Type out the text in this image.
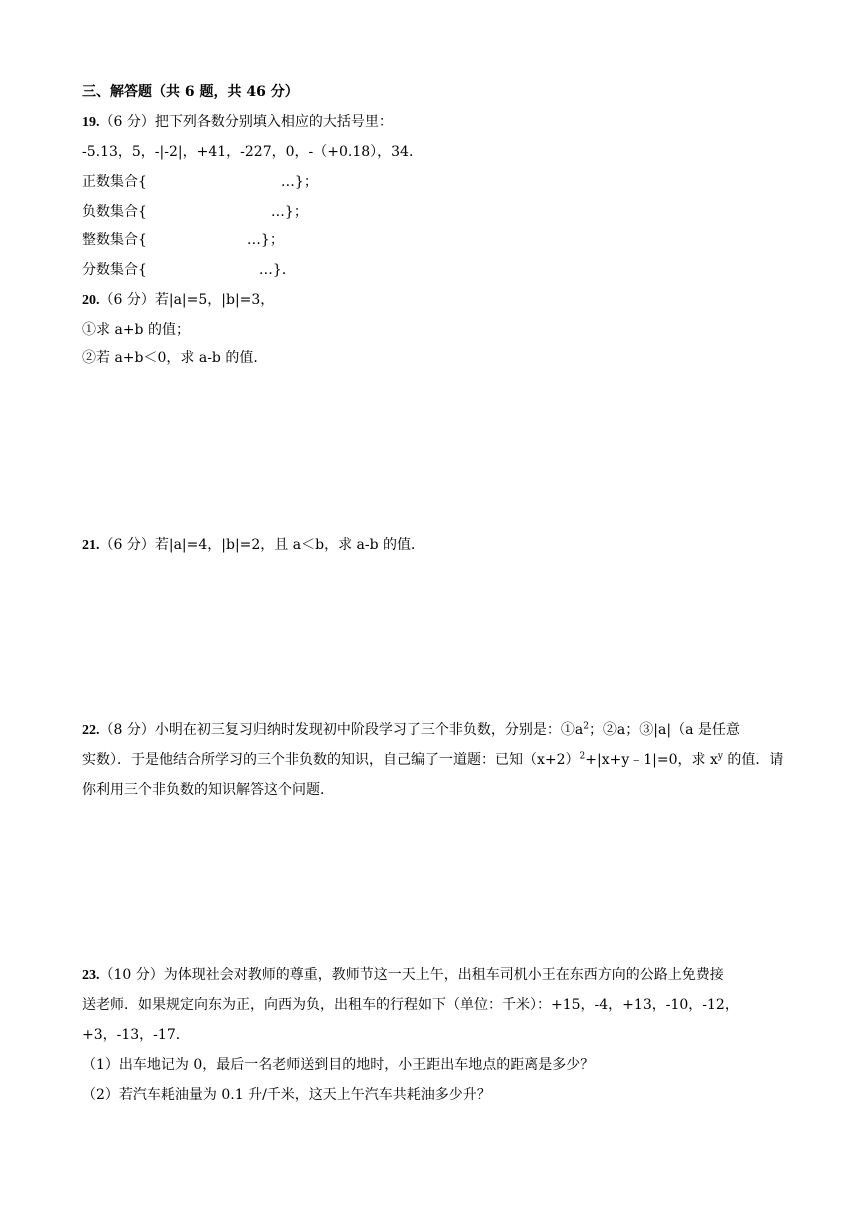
三、解答题（共 6 题，共 46 分）
19.（6 分）把下列各数分别填入相应的大括号里：
-5.13，5，-|-2|，+41，-227，0，-（+0.18），34．
正数集合{	…}；
负数集合{	…}；
整数集合{	…}；
分数集合{	…}．
20.（6 分）若|a|=5，|b|=3，
①求 a+b 的值；
②若 a+b＜0，求 a-b 的值．
21.（6 分）若|a|=4，|b|=2，且 a＜b，求 a-b 的值．
22.（8 分）小明在初三复习归纳时发现初中阶段学习了三个非负数，分别是：$①a^2$；②a；③|a|（a 是任意
实数）．于是他结合所学习的三个非负数的知识，自己编了一道题：已知$(x+2)^2+|x+y﹣1|=0$，求 $x^y$ 的值．请
你利用三个非负数的知识解答这个问题.
23.（10 分）为体现社会对教师的尊重，教师节这一天上午，出租车司机小王在东西方向的公路上免费接
送老师．如果规定向东为正，向西为负，出租车的行程如下（单位：千米）：+15，-4，+13，-10，-12，
+3，-13，-17．
（1）出车地记为 0，最后一名老师送到目的地时，小王距出车地点的距离是多少？
（2）若汽车耗油量为 0.1 升/千米，这天上午汽车共耗油多少升？
